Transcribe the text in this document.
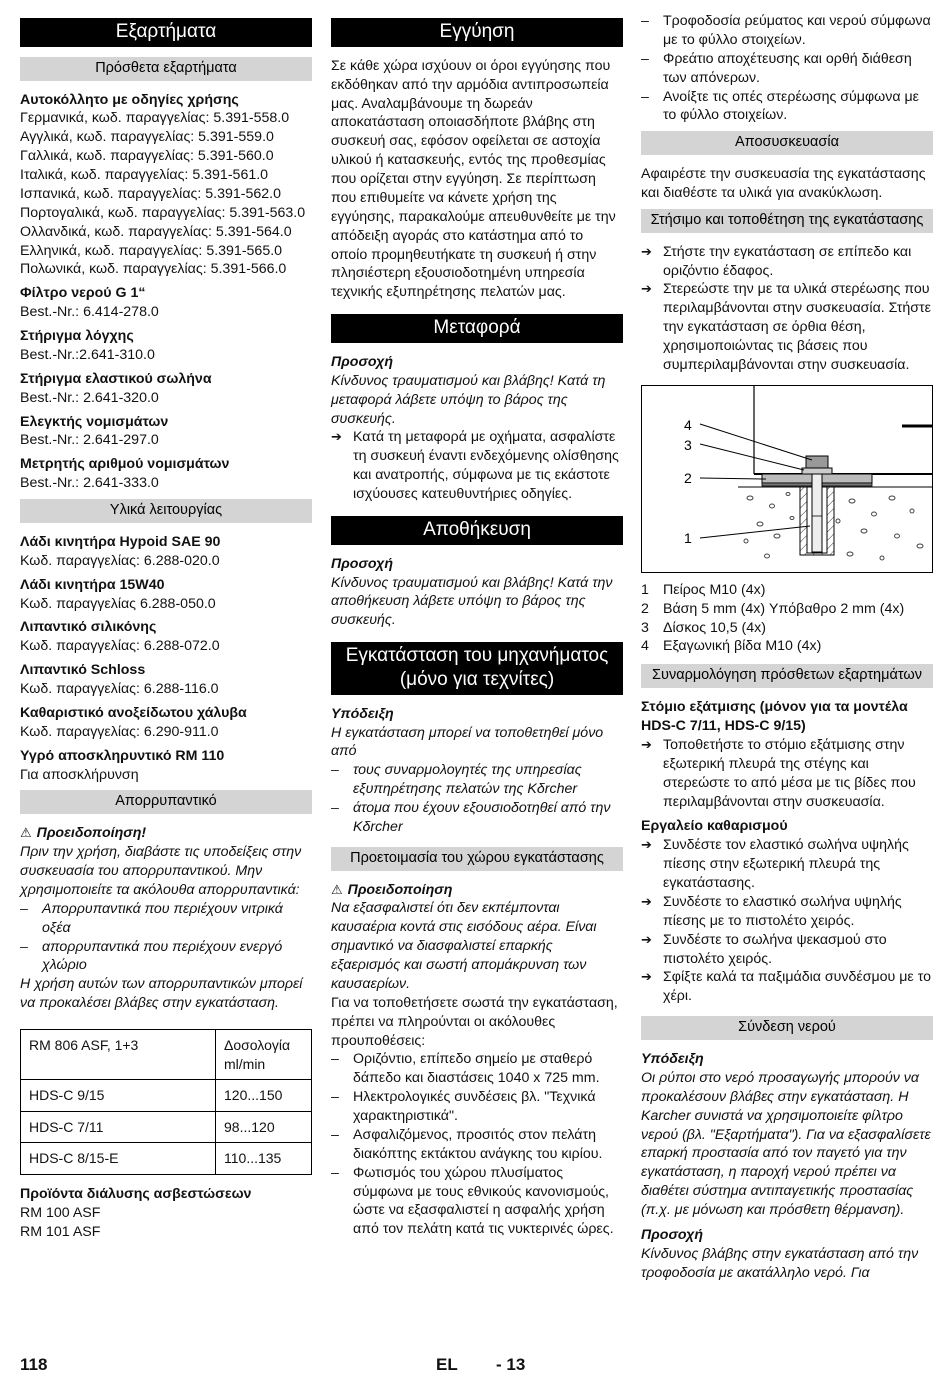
Εξαρτήματα
Πρόσθετα εξαρτήματα
Αυτοκόλλητο με οδηγίες χρήσης

Γερμανικά, κωδ. παραγγελίας: 5.391-558.0

Αγγλικά, κωδ. παραγγελίας: 5.391-559.0

Γαλλικά, κωδ. παραγγελίας: 5.391-560.0

Ιταλικά, κωδ. παραγγελίας: 5.391-561.0

Ισπανικά, κωδ. παραγγελίας: 5.391-562.0

Πορτογαλικά, κωδ. παραγγελίας: 5.391-563.0

Ολλανδικά, κωδ. παραγγελίας: 5.391-564.0

Ελληνικά, κωδ. παραγγελίας: 5.391-565.0

Πολωνικά, κωδ. παραγγελίας: 5.391-566.0

Φίλτρο νερού G 1“

Best.-Nr.: 6.414-278.0

Στήριγμα λόγχης

Best.-Nr.:2.641-310.0

Στήριγμα ελαστικού σωλήνα

Best.-Nr.: 2.641-320.0

Ελεγκτής νομισμάτων

Best.-Nr.: 2.641-297.0

Μετρητής αριθμού νομισμάτων

Best.-Nr.: 2.641-333.0

Υλικά λειτουργίας
Λάδι κινητήρα Hypoid SAE 90

Κωδ. παραγγελίας: 6.288-020.0

Λάδι κινητήρα 15W40

Κωδ. παραγγελίας 6.288-050.0

Λιπαντικό σιλικόνης

Κωδ. παραγγελίας: 6.288-072.0

Λιπαντικό Schloss

Κωδ. παραγγελίας: 6.288-116.0

Καθαριστικό ανοξείδωτου χάλυβα

Κωδ. παραγγελίας: 6.290-911.0

Υγρό αποσκληρυντικό RM 110

Για αποσκλήρυνση

Απορρυπαντικό
⚠ Προειδοποίηση!

Πριν την χρήση, διαβάστε τις υποδείξεις στην συσκευασία του απορρυπαντικού. Μην χρησιμοποιείτε τα ακόλουθα απορρυπαντικά:

– Απορρυπαντικά που περιέχουν νιτρικά οξέα
– απορρυπαντικά που περιέχουν ενεργό χλώριο

Η χρήση αυτών των απορρυπαντικών μπορεί να προκαλέσει βλάβες στην εγκατάσταση.

RM 806 ASF, 1+3	Δοσολογία ml/min
HDS-C 9/15	120...150
HDS-C 7/11	98...120
HDS-C 8/15-E	110...135
Προϊόντα διάλυσης ασβεστώσεων

RM 100 ASF

RM 101 ASF

Εγγύηση

Σε κάθε χώρα ισχύουν οι όροι εγγύησης που εκδόθηκαν από την αρμόδια αντιπροσωπεία μας. Αναλαμβάνουμε τη δωρεάν αποκατάσταση οποιασδήποτε βλάβης στη συσκευή σας, εφόσον οφείλεται σε αστοχία υλικού ή κατασκευής, εντός της προθεσμίας που ορίζεται στην εγγύηση. Σε περίπτωση που επιθυμείτε να κάνετε χρήση της εγγύησης, παρακαλούμε απευθυνθείτε με την απόδειξη αγοράς στο κατάστημα από το οποίο προμηθευτήκατε τη συσκευή ή στην πλησιέστερη εξουσιοδοτημένη υπηρεσία τεχνικής εξυπηρέτησης πελατών μας.

Μεταφορά
Προσοχή

Κίνδυνος τραυματισμού και βλάβης! Κατά τη μεταφορά λάβετε υπόψη το βάρος της συσκευής.

➔ Κατά τη μεταφορά με οχήματα, ασφαλίστε τη συσκευή έναντι ενδεχόμενης ολίσθησης και ανατροπής, σύμφωνα με τις εκάστοτε ισχύουσες κατευθυντήριες οδηγίες.
Αποθήκευση
Προσοχή

Κίνδυνος τραυματισμού και βλάβης! Κατά την αποθήκευση λάβετε υπόψη το βάρος της συσκευής.

Εγκατάσταση του μηχανήματος (μόνο για τεχνίτες)
Υπόδειξη

Η εγκατάσταση μπορεί να τοποθετηθεί μόνο από

– τους συναρμολογητές της υπηρεσίας εξυπηρέτησης πελατών της Kδrcher
– άτομα που έχουν εξουσιοδοτηθεί από την Kδrcher
Προετοιμασία του χώρου εγκατάστασης
⚠ Προειδοποίηση

Να εξασφαλιστεί ότι δεν εκπέμπονται καυσαέρια κοντά στις εισόδους αέρα. Είναι σημαντικό να διασφαλιστεί επαρκής εξαερισμός και σωστή απομάκρυνση των καυσαερίων.

Για να τοποθετήσετε σωστά την εγκατάσταση, πρέπει να πληρούνται οι ακόλουθες προυποθέσεις:

– Οριζόντιο, επίπεδο σημείο με σταθερό δάπεδο και διαστάσεις 1040 x 725 mm.
– Ηλεκτρολογικές συνδέσεις βλ. "Τεχνικά χαρακτηριστικά".
– Ασφαλιζόμενος, προσιτός στον πελάτη διακόπτης εκτάκτου ανάγκης του κιρίου.
– Φωτισμός του χώρου πλυσίματος σύμφωνα με τους εθνικούς κανονισμούς, ώστε να εξασφαλιστεί η ασφαλής χρήση από τον πελάτη κατά τις νυκτερινές ώρες.
– Τροφοδοσία ρεύματος και νερού σύμφωνα με το φύλλο στοιχείων.
– Φρεάτιο αποχέτευσης και ορθή διάθεση των απόνερων.
– Ανοίξτε τις οπές στερέωσης σύμφωνα με το φύλλο στοιχείων.
Αποσυσκευασία

Αφαιρέστε την συσκευασία της εγκατάστασης και διαθέστε τα υλικά για ανακύκλωση.

Στήσιμο και τοποθέτηση της εγκατάστασης
➔ Στήστε την εγκατάσταση σε επίπεδο και οριζόντιο έδαφος.
➔ Στερεώστε την με τα υλικά στερέωσης που περιλαμβάνονται στην συσκευασία. Στήστε την εγκατάσταση σε όρθια θέση, χρησιμοποιώντας τις βάσεις που συμπεριλαμβάνονται στην συσκευασία.
4
3
2
1
1 Πείρος M10 (4x)
2 Βάση 5 mm (4x) Υπόβαθρο 2 mm (4x)
3 Δίσκος 10,5 (4x)
4 Εξαγωνική βίδα M10 (4x)
Συναρμολόγηση πρόσθετων εξαρτημάτων
Στόμιο εξάτμισης (μόνον για τα μοντέλα HDS-C 7/11, HDS-C 9/15)
➔ Τοποθετήστε το στόμιο εξάτμισης στην εξωτερική πλευρά της στέγης και στερεώστε το από μέσα με τις βίδες που περιλαμβάνονται στην συσκευασία.
Εργαλείο καθαρισμού
➔ Συνδέστε τον ελαστικό σωλήνα υψηλής πίεσης στην εξωτερική πλευρά της εγκατάστασης.
➔ Συνδέστε το ελαστικό σωλήνα υψηλής πίεσης με το πιστολέτο χειρός.
➔ Συνδέστε το σωλήνα ψεκασμού στο πιστολέτο χειρός.
➔ Σφίξτε καλά τα παξιμάδια συνδέσμου με το χέρι.
Σύνδεση νερού
Υπόδειξη

Οι ρύποι στο νερό προσαγωγής μπορούν να προκαλέσουν βλάβες στην εγκατάσταση. Η Karcher συνιστά να χρησιμοποιείτε φίλτρο νερού (βλ. "Εξαρτήματα"). Για να εξασφαλίσετε επαρκή προστασία από τον παγετό για την εγκατάσταση, η παροχή νερού πρέπει να διαθέτει σύστημα αντιπαγετικής προστασίας (π.χ. με μόνωση και πρόσθετη θέρμανση).

Προσοχή

Κίνδυνος βλάβης στην εγκατάσταση από την τροφοδοσία με ακατάλληλο νερό. Για

118	EL - 13
